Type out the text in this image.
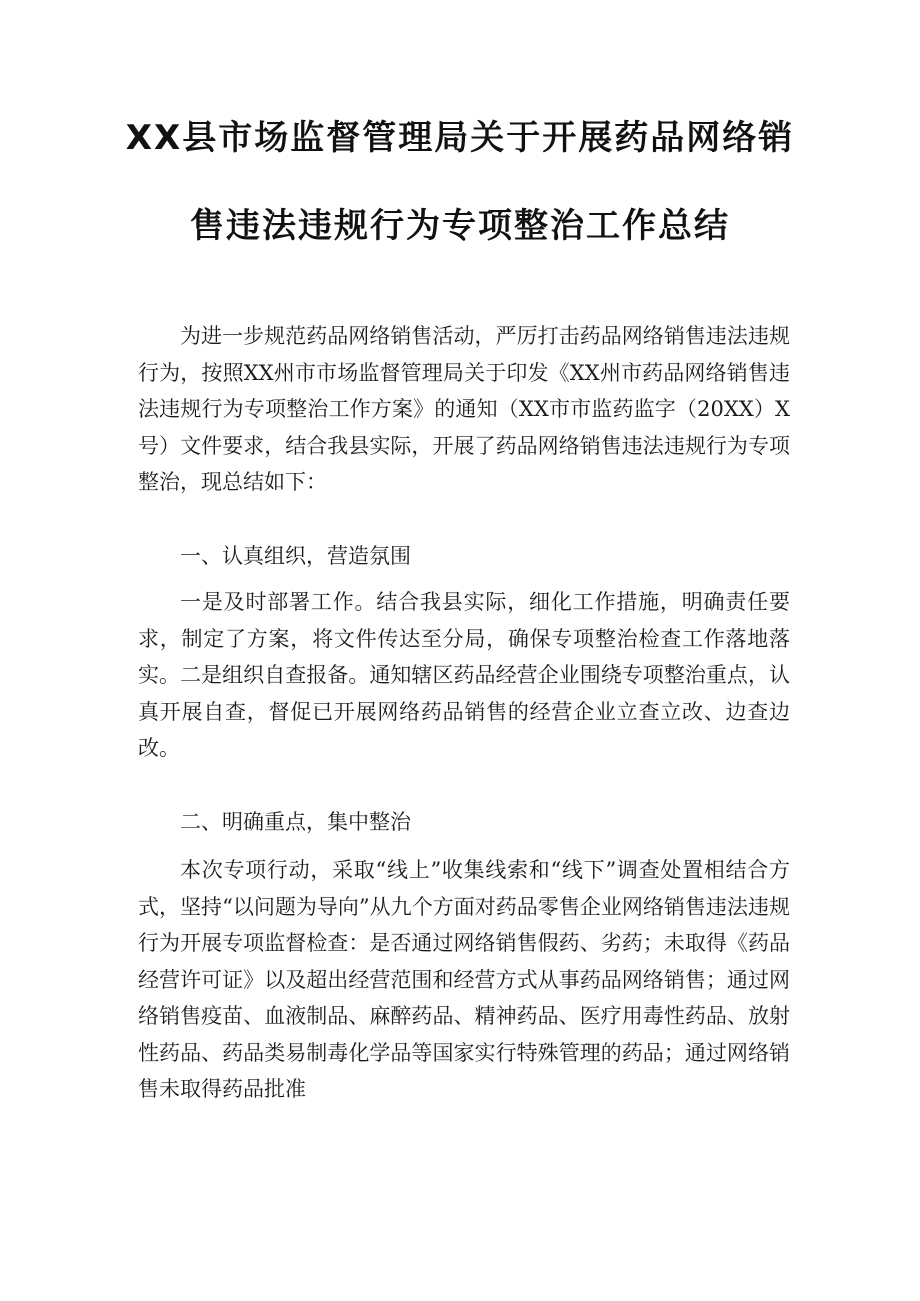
XX县市场监督管理局关于开展药品网络销
售违法违规行为专项整治工作总结

为进一步规范药品网络销售活动，严厉打击药品网络销售违法违规行为，按照XX州市市场监督管理局关于印发《XX州市药品网络销售违法违规行为专项整治工作方案》的通知（XX市市监药监字（20XX）X号）文件要求，结合我县实际，开展了药品网络销售违法违规行为专项整治，现总结如下：

一、认真组织，营造氛围

一是及时部署工作。结合我县实际，细化工作措施，明确责任要求，制定了方案，将文件传达至分局，确保专项整治检查工作落地落实。二是组织自查报备。通知辖区药品经营企业围绕专项整治重点，认真开展自查，督促已开展网络药品销售的经营企业立查立改、边查边改。

二、明确重点，集中整治

本次专项行动，采取“线上”收集线索和“线下”调查处置相结合方式，坚持“以问题为导向”从九个方面对药品零售企业网络销售违法违规行为开展专项监督检查：是否通过网络销售假药、劣药；未取得《药品经营许可证》以及超出经营范围和经营方式从事药品网络销售；通过网络销售疫苗、血液制品、麻醉药品、精神药品、医疗用毒性药品、放射性药品、药品类易制毒化学品等国家实行特殊管理的药品；通过网络销售未取得药品批准
